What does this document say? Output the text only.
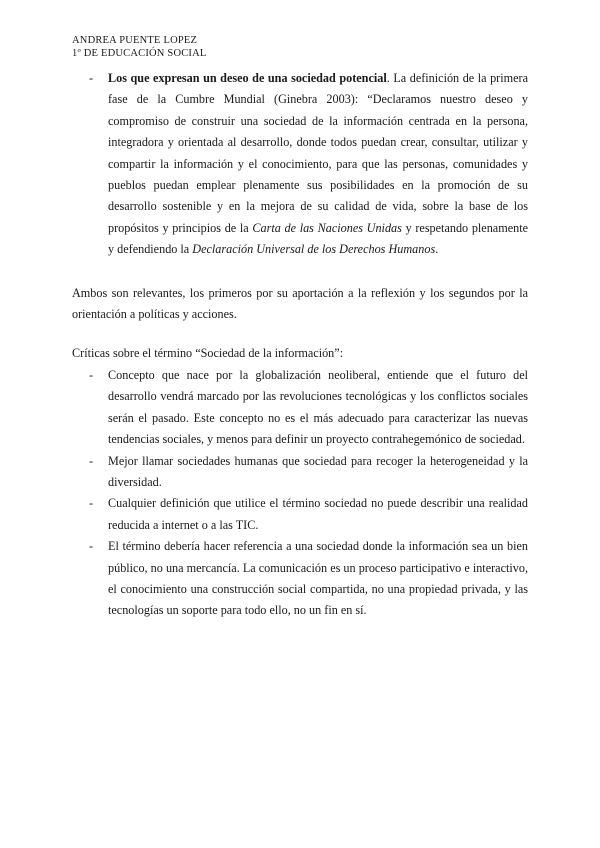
ANDREA PUENTE LOPEZ
1º DE EDUCACIÓN SOCIAL
- Los que expresan un deseo de una sociedad potencial. La definición de la primera fase de la Cumbre Mundial (Ginebra 2003): “Declaramos nuestro deseo y compromiso de construir una sociedad de la información centrada en la persona, integradora y orientada al desarrollo, donde todos puedan crear, consultar, utilizar y compartir la información y el conocimiento, para que las personas, comunidades y pueblos puedan emplear plenamente sus posibilidades en la promoción de su desarrollo sostenible y en la mejora de su calidad de vida, sobre la base de los propósitos y principios de la Carta de las Naciones Unidas y respetando plenamente y defendiendo la Declaración Universal de los Derechos Humanos.

Ambos son relevantes, los primeros por su aportación a la reflexión y los segundos por la orientación a políticas y acciones.

Críticas sobre el término “Sociedad de la información”:

- Concepto que nace por la globalización neoliberal, entiende que el futuro del desarrollo vendrá marcado por las revoluciones tecnológicas y los conflictos sociales serán el pasado. Este concepto no es el más adecuado para caracterizar las nuevas tendencias sociales, y menos para definir un proyecto contrahegemónico de sociedad.
- Mejor llamar sociedades humanas que sociedad para recoger la heterogeneidad y la diversidad.
- Cualquier definición que utilice el término sociedad no puede describir una realidad reducida a internet o a las TIC.
- El término debería hacer referencia a una sociedad donde la información sea un bien público, no una mercancía. La comunicación es un proceso participativo e interactivo, el conocimiento una construcción social compartida, no una propiedad privada, y las tecnologías un soporte para todo ello, no un fin en sí.
